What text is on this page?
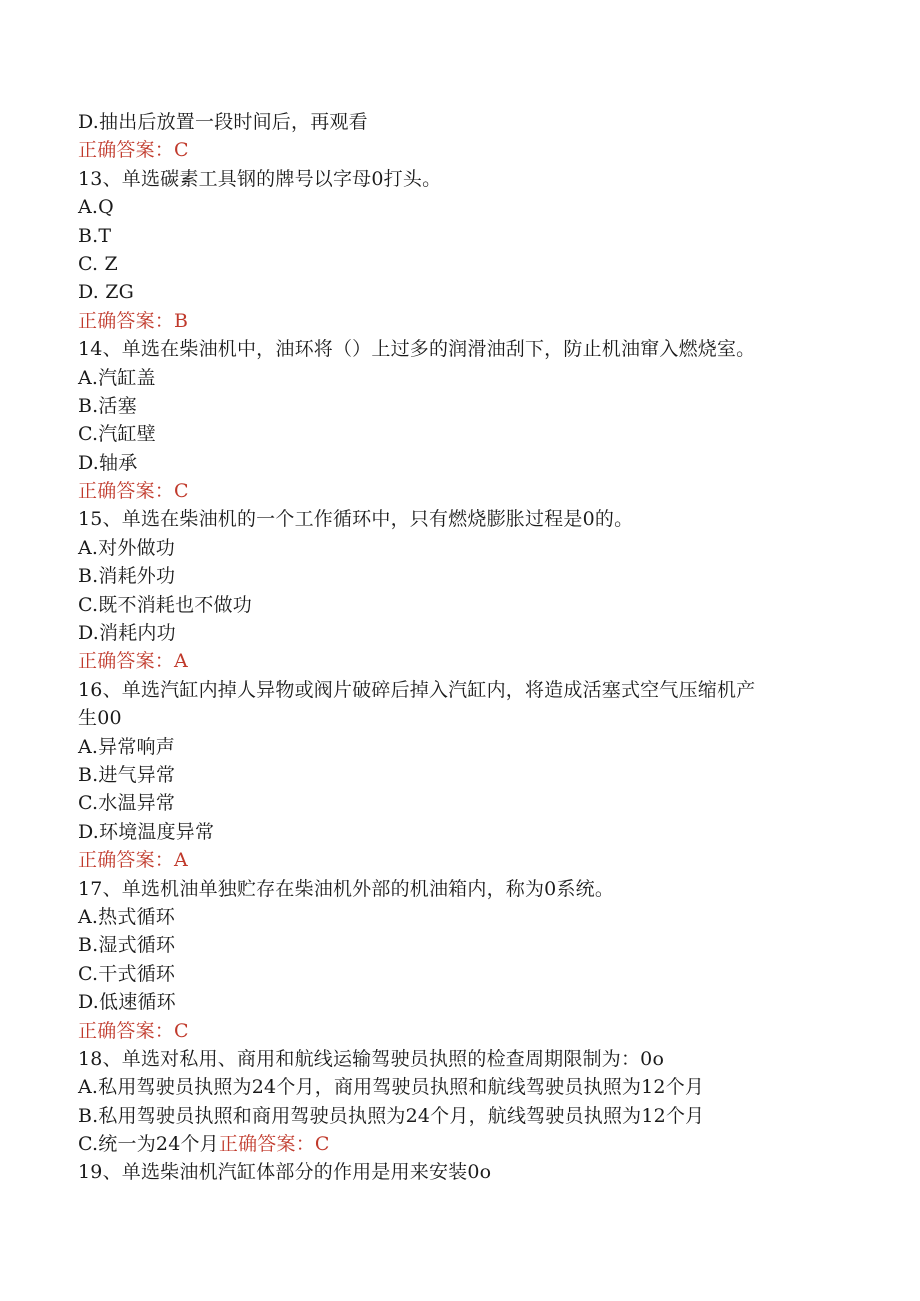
D.抽出后放置一段时间后，再观看
正确答案：C
13、单选碳素工具钢的牌号以字母0打头。
A.Q
B.T
C. Z
D. ZG
正确答案：B
14、单选在柴油机中，油环将（）上过多的润滑油刮下，防止机油窜入燃烧室。
A.汽缸盖
B.活塞
C.汽缸壁
D.轴承
正确答案：C
15、单选在柴油机的一个工作循环中，只有燃烧膨胀过程是0的。
A.对外做功
B.消耗外功
C.既不消耗也不做功
D.消耗内功
正确答案：A
16、单选汽缸内掉人异物或阀片破碎后掉入汽缸内，将造成活塞式空气压缩机产
生00
A.异常响声
B.进气异常
C.水温异常
D.环境温度异常
正确答案：A
17、单选机油单独贮存在柴油机外部的机油箱内，称为0系统。
A.热式循环
B.湿式循环
C.干式循环
D.低速循环
正确答案：C
18、单选对私用、商用和航线运输驾驶员执照的检查周期限制为：0o
A.私用驾驶员执照为24个月，商用驾驶员执照和航线驾驶员执照为12个月
B.私用驾驶员执照和商用驾驶员执照为24个月，航线驾驶员执照为12个月
C.统一为24个月正确答案：C
19、单选柴油机汽缸体部分的作用是用来安装0o
